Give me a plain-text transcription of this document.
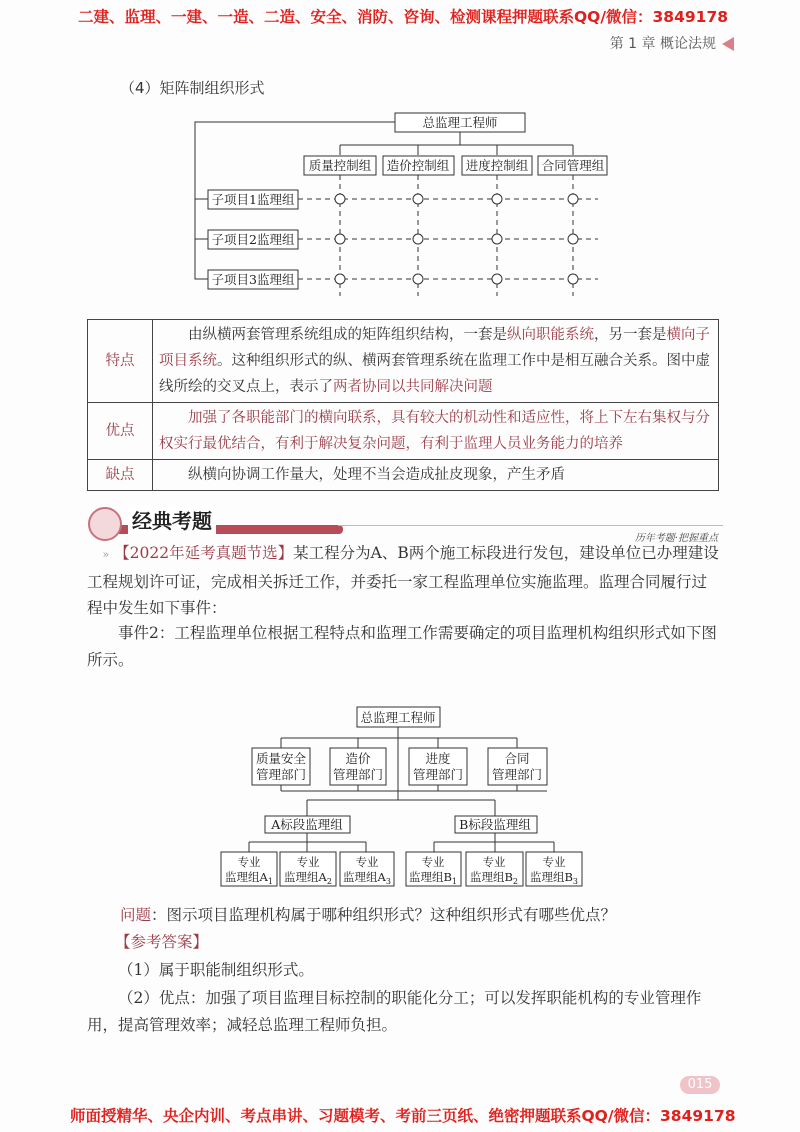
二建、监理、一建、一造、二造、安全、消防、咨询、检测课程押题联系QQ/微信：3849178
第 1 章 概论法规
（4）矩阵制组织形式
总监理工程师
质量控制组 造价控制组 进度控制组 合同管理组
子项目1监理组
子项目2监理组
子项目3监理组
特点	  由纵横两套管理系统组成的矩阵组织结构，一套是纵向职能系统，另一套是横向子项目系统。这种组织形式的纵、横两套管理系统在监理工作中是相互融合关系。图中虚线所绘的交叉点上，表示了两者协同以共同解决问题
优点	  加强了各职能部门的横向联系，具有较大的机动性和适应性，将上下左右集权与分权实行最优结合，有利于解决复杂问题，有利于监理人员业务能力的培养
缺点	  纵横向协调工作量大，处理不当会造成扯皮现象，产生矛盾
经典考题
历年考题·把握重点
 » 【2022年延考真题节选】某工程分为A、B两个施工标段进行发包，建设单位已办理建设工程规划许可证，完成相关拆迁工作，并委托一家工程监理单位实施监理。监理合同履行过程中发生如下事件：
事件2：工程监理单位根据工程特点和监理工作需要确定的项目监理机构组织形式如下图所示。
总监理工程师
质量安全
管理部门
造价
管理部门
进度
管理部门
合同
管理部门
A标段监理组	B标段监理组
专业
监理组$A_1$
专业
监理组$A_2$
专业
监理组$A_3$
专业
监理组$B_1$
专业
监理组$B_2$
专业
监理组$B_3$
问题：图示项目监理机构属于哪种组织形式？这种组织形式有哪些优点？
【参考答案】
（1）属于职能制组织形式。
（2）优点：加强了项目监理目标控制的职能化分工；可以发挥职能机构的专业管理作用，提高管理效率；减轻总监理工程师负担。
015
师面授精华、央企内训、考点串讲、习题模考、考前三页纸、绝密押题联系QQ/微信：3849178
